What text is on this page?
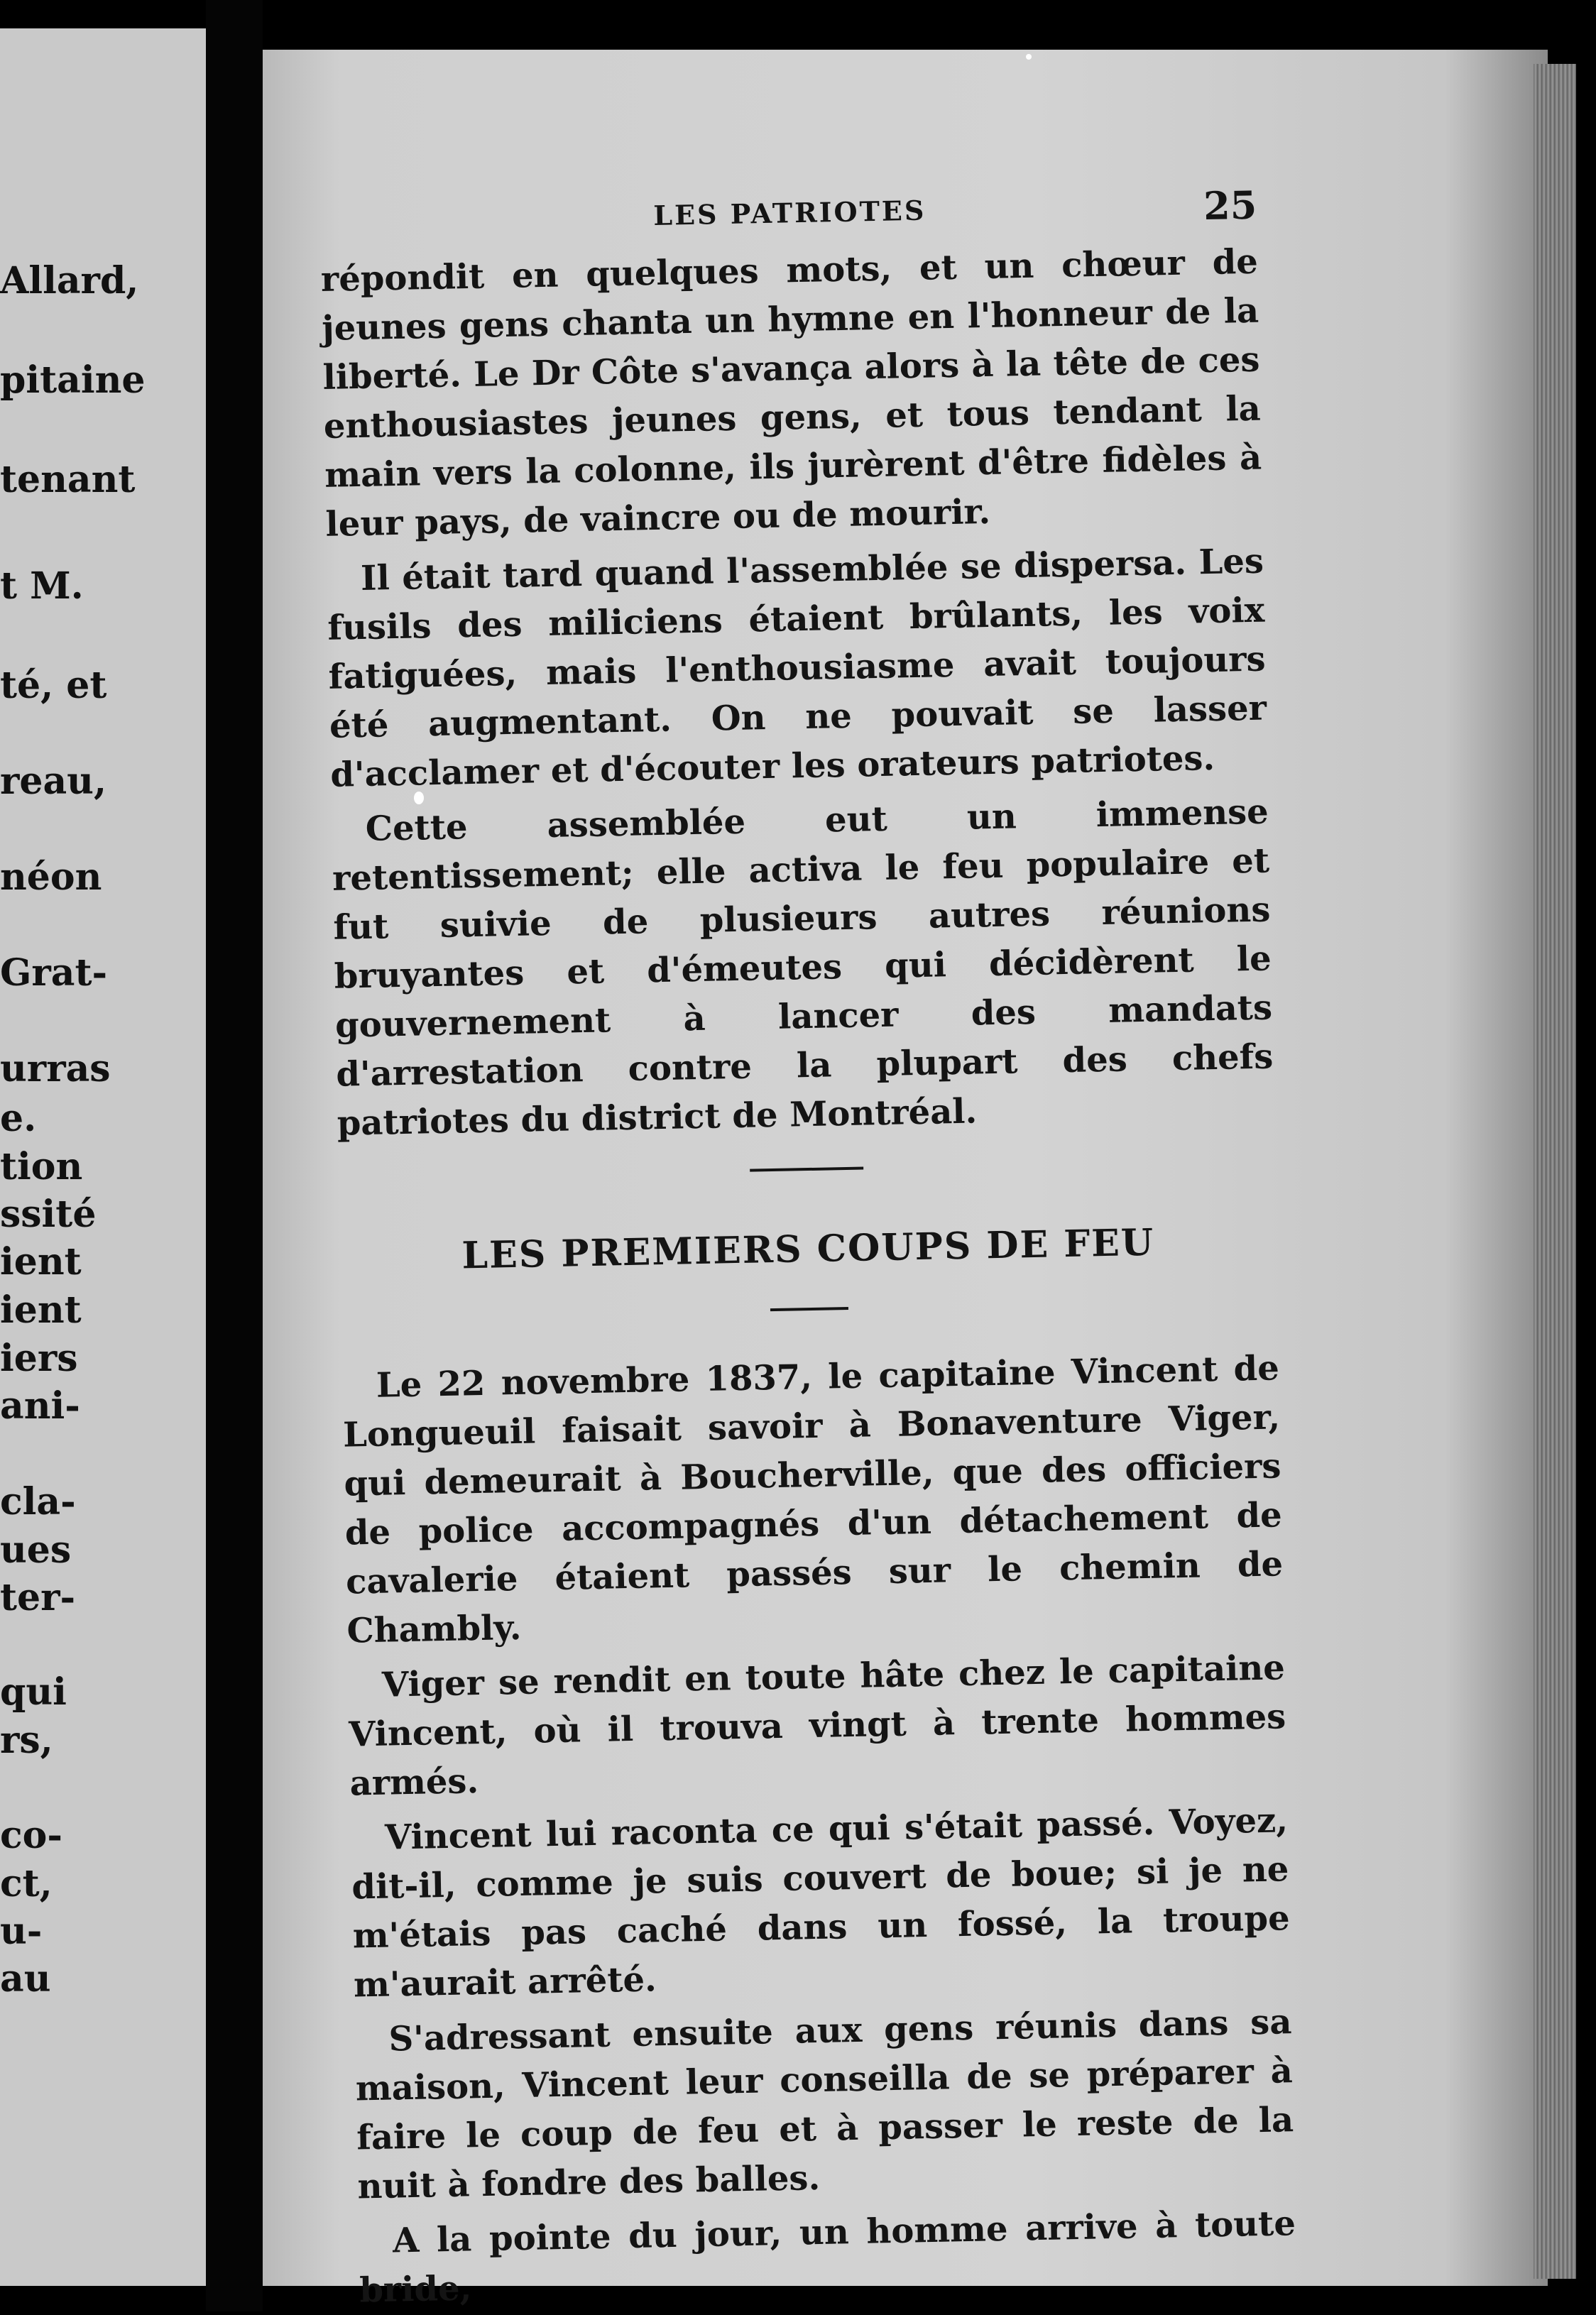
Allard,
pitaine
tenant
t M.
té, et
reau,
néon
Grat-
urras
e.
tion
ssité
ient
ient
iers
ani-
cla-
ues
ter-
qui
rs,
co-
ct,
u-
au
LES PATRIOTES	25

répondit en quelques mots, et un chœur de jeunes gens chanta un hymne en l'honneur de la liberté. Le Dr Côte s'avança alors à la tête de ces enthousiastes jeunes gens, et tous tendant la main vers la colonne, ils jurèrent d'être fidèles à leur pays, de vaincre ou de mourir.

Il était tard quand l'assemblée se dispersa. Les fusils des miliciens étaient brûlants, les voix fatiguées, mais l'enthousiasme avait toujours été augmentant. On ne pouvait se lasser d'acclamer et d'écouter les orateurs patriotes.

Cette assemblée eut un immense retentissement; elle activa le feu populaire et fut suivie de plusieurs autres réunions bruyantes et d'émeutes qui décidèrent le gouvernement à lancer des mandats d'arrestation contre la plupart des chefs patriotes du district de Montréal.

LES PREMIERS COUPS DE FEU

Le 22 novembre 1837, le capitaine Vincent de Longueuil faisait savoir à Bonaventure Viger, qui demeurait à Boucherville, que des officiers de police accompagnés d'un détachement de cavalerie étaient passés sur le chemin de Chambly.

Viger se rendit en toute hâte chez le capitaine Vincent, où il trouva vingt à trente hommes armés.

Vincent lui raconta ce qui s'était passé. Voyez, dit-il, comme je suis couvert de boue; si je ne m'étais pas caché dans un fossé, la troupe m'aurait arrêté.

S'adressant ensuite aux gens réunis dans sa maison, Vincent leur conseilla de se préparer à faire le coup de feu et à passer le reste de la nuit à fondre des balles.

A la pointe du jour, un homme arrive à toute bride,
